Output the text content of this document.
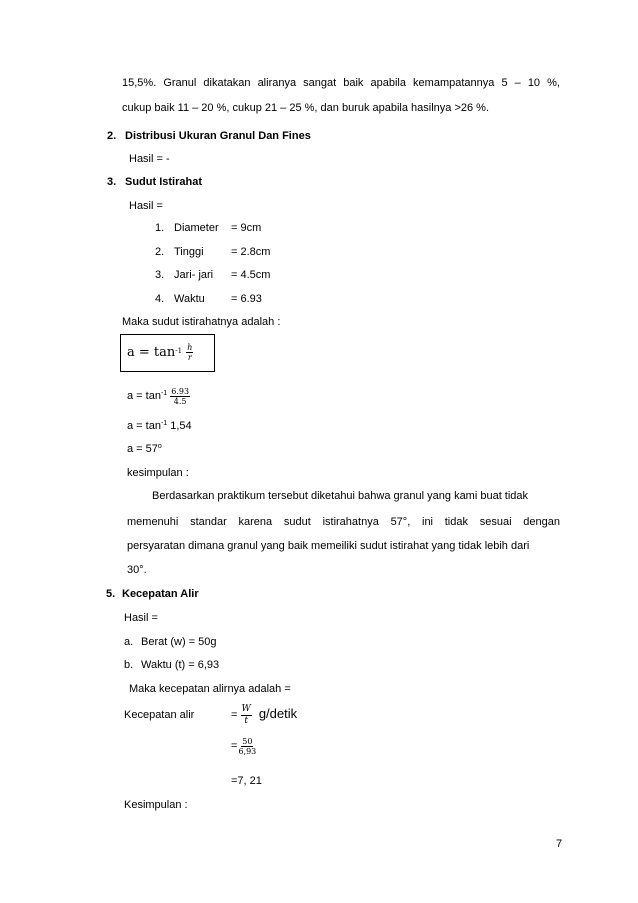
15,5%. Granul dikatakan aliranya sangat baik apabila kemampatannya 5 – 10 %,
cukup baik 11 – 20 %, cukup 21 – 25 %, dan buruk apabila hasilnya >26 %.
2. Distribusi Ukuran Granul Dan Fines
Hasil = -
3. Sudut Istirahat
Hasil =
1. Diameter = 9cm
2. Tinggi = 2.8cm
3. Jari- jari = 4.5cm
4. Waktu = 6.93
Maka sudut istirahatnya adalah :
$a = \tan^{-1} \frac{h}{r}$
$a = \tan^{-1} \frac{6.93}{4.5}$
$a = \tan^{-1} 1,54$
$a = 57^o$
kesimpulan :
Berdasarkan praktikum tersebut diketahui bahwa granul yang kami buat tidak
memenuhi standar karena sudut istirahatnya 57°, ini tidak sesuai dengan
persyaratan dimana granul yang baik memeiliki sudut istirahat yang tidak lebih dari
30°.
5. Kecepatan Alir
Hasil =
a. Berat (w) = 50g
b. Waktu (t) = 6,93
Maka kecepatan alirnya adalah =
Kecepatan alir	= $\frac{W}{t}$ g/detik
= $\frac{50}{6,93}$
=7, 21
Kesimpulan :
7
